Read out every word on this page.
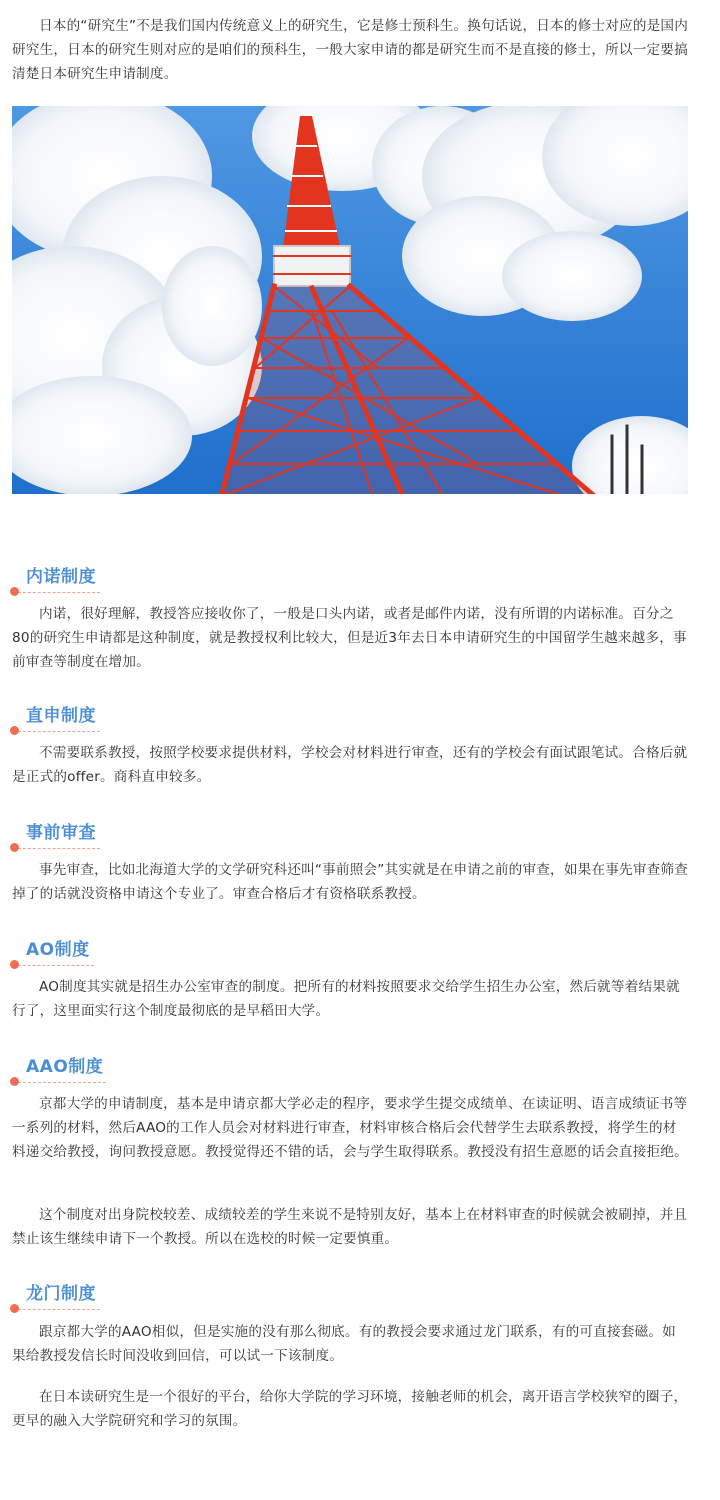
日本的“研究生”不是我们国内传统意义上的研究生，它是修士预科生。换句话说，日本的修士对应的是国内研究生，日本的研究生则对应的是咱们的预科生，一般大家申请的都是研究生而不是直接的修士，所以一定要搞清楚日本研究生申请制度。

内诺制度

内诺，很好理解，教授答应接收你了，一般是口头内诺，或者是邮件内诺，没有所谓的内诺标准。百分之80的研究生申请都是这种制度，就是教授权利比较大，但是近3年去日本申请研究生的中国留学生越来越多，事前审查等制度在增加。

直申制度

不需要联系教授，按照学校要求提供材料，学校会对材料进行审查，还有的学校会有面试跟笔试。合格后就是正式的offer。商科直申较多。

事前审查

事先审查，比如北海道大学的文学研究科还叫“事前照会”其实就是在申请之前的审查，如果在事先审查筛查掉了的话就没资格申请这个专业了。审查合格后才有资格联系教授。

AO制度

AO制度其实就是招生办公室审查的制度。把所有的材料按照要求交给学生招生办公室，然后就等着结果就行了，这里面实行这个制度最彻底的是早稻田大学。

AAO制度

京都大学的申请制度，基本是申请京都大学必走的程序，要求学生提交成绩单、在读证明、语言成绩证书等一系列的材料，然后AAO的工作人员会对材料进行审查，材料审核合格后会代替学生去联系教授，将学生的材料递交给教授，询问教授意愿。教授觉得还不错的话，会与学生取得联系。教授没有招生意愿的话会直接拒绝。

这个制度对出身院校较差、成绩较差的学生来说不是特别友好，基本上在材料审查的时候就会被刷掉，并且禁止该生继续申请下一个教授。所以在选校的时候一定要慎重。

龙门制度

跟京都大学的AAO相似，但是实施的没有那么彻底。有的教授会要求通过龙门联系，有的可直接套磁。如果给教授发信长时间没收到回信，可以试一下该制度。

在日本读研究生是一个很好的平台，给你大学院的学习环境，接触老师的机会，离开语言学校狭窄的圈子，更早的融入大学院研究和学习的氛围。
